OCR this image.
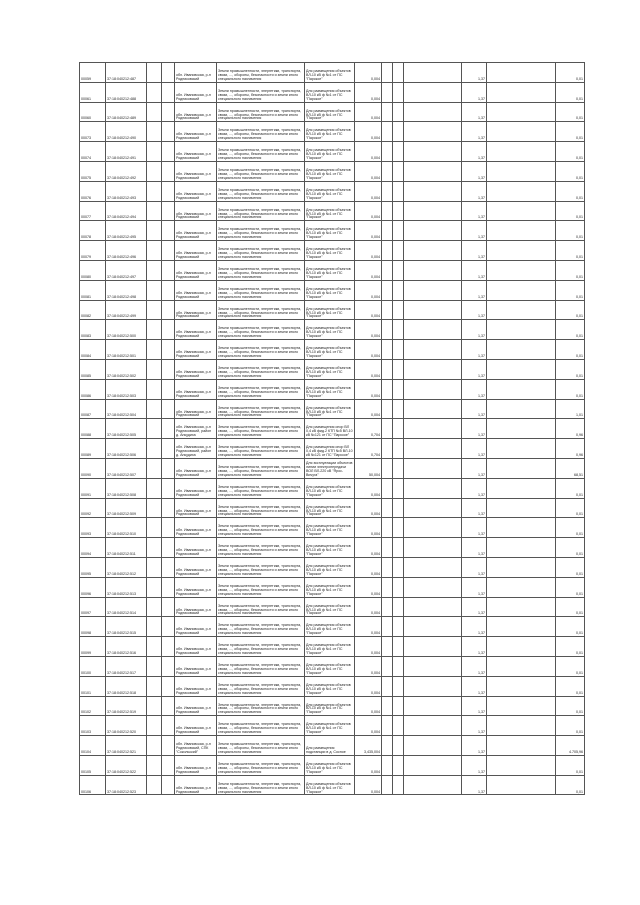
00059	37:18:040212:487			обл. Ивановская, р-н Родниковский	Земли промышленности, энергетики, транспорта, связи, ..., обороны, безопасности и земли иного специального назначения	Для размещения объектов ВЛ-10 кВ ф №1 от ПС "Парское"	0,004				1,37		0,01
00061	37:18:040212:488			обл. Ивановская, р-н Родниковский	Земли промышленности, энергетики, транспорта, связи, ..., обороны, безопасности и земли иного специального назначения	Для размещения объектов ВЛ-10 кВ ф №1 от ПС "Парское"	0,004				1,37		0,01
00060	37:18:040212:489			обл. Ивановская, р-н Родниковский	Земли промышленности, энергетики, транспорта, связи, ..., обороны, безопасности и земли иного специального назначения	Для размещения объектов ВЛ-10 кВ ф №1 от ПС "Парское"	0,004				1,37		0,01
00073	37:18:040212:490			обл. Ивановская, р-н Родниковский	Земли промышленности, энергетики, транспорта, связи, ..., обороны, безопасности и земли иного специального назначения	Для размещения объектов ВЛ-10 кВ ф №1 от ПС "Парское"	0,004				1,37		0,01
00074	37:18:040212:491			обл. Ивановская, р-н Родниковский	Земли промышленности, энергетики, транспорта, связи, ..., обороны, безопасности и земли иного специального назначения	Для размещения объектов ВЛ-10 кВ ф №1 от ПС "Парское"	0,004				1,37		0,01
00075	37:18:040212:492			обл. Ивановская, р-н Родниковский	Земли промышленности, энергетики, транспорта, связи, ..., обороны, безопасности и земли иного специального назначения	Для размещения объектов ВЛ-10 кВ ф №1 от ПС "Парское"	0,004				1,37		0,01
00076	37:18:040212:493			обл. Ивановская, р-н Родниковский	Земли промышленности, энергетики, транспорта, связи, ..., обороны, безопасности и земли иного специального назначения	Для размещения объектов ВЛ-10 кВ ф №1 от ПС "Парское"	0,004				1,37		0,01
00077	37:18:040212:494			обл. Ивановская, р-н Родниковский	Земли промышленности, энергетики, транспорта, связи, ..., обороны, безопасности и земли иного специального назначения	Для размещения объектов ВЛ-10 кВ ф №1 от ПС "Парское"	0,004				1,37		0,01
00078	37:18:040212:495			обл. Ивановская, р-н Родниковский	Земли промышленности, энергетики, транспорта, связи, ..., обороны, безопасности и земли иного специального назначения	Для размещения объектов ВЛ-10 кВ ф №1 от ПС "Парское"	0,004				1,37		0,01
00079	37:18:040212:496			обл. Ивановская, р-н Родниковский	Земли промышленности, энергетики, транспорта, связи, ..., обороны, безопасности и земли иного специального назначения	Для размещения объектов ВЛ-10 кВ ф №1 от ПС "Парское"	0,004				1,37		0,01
00080	37:18:040212:497			обл. Ивановская, р-н Родниковский	Земли промышленности, энергетики, транспорта, связи, ..., обороны, безопасности и земли иного специального назначения	Для размещения объектов ВЛ-10 кВ ф №1 от ПС "Парское"	0,004				1,37		0,01
00081	37:18:040212:498			обл. Ивановская, р-н Родниковский	Земли промышленности, энергетики, транспорта, связи, ..., обороны, безопасности и земли иного специального назначения	Для размещения объектов ВЛ-10 кВ ф №1 от ПС "Парское"	0,004				1,37		0,01
00082	37:18:040212:499			обл. Ивановская, р-н Родниковский	Земли промышленности, энергетики, транспорта, связи, ..., обороны, безопасности и земли иного специального назначения	Для размещения объектов ВЛ-10 кВ ф №1 от ПС "Парское"	0,004				1,37		0,01
00083	37:18:040212:500			обл. Ивановская, р-н Родниковский	Земли промышленности, энергетики, транспорта, связи, ..., обороны, безопасности и земли иного специального назначения	Для размещения объектов ВЛ-10 кВ ф №1 от ПС "Парское"	0,004				1,37		0,01
00084	37:18:040212:501			обл. Ивановская, р-н Родниковский	Земли промышленности, энергетики, транспорта, связи, ..., обороны, безопасности и земли иного специального назначения	Для размещения объектов ВЛ-10 кВ ф №1 от ПС "Парское"	0,004				1,37		0,01
00085	37:18:040212:502			обл. Ивановская, р-н Родниковский	Земли промышленности, энергетики, транспорта, связи, ..., обороны, безопасности и земли иного специального назначения	Для размещения объектов ВЛ-10 кВ ф №1 от ПС "Парское"	0,004				1,37		0,01
00086	37:18:040212:503			обл. Ивановская, р-н Родниковский	Земли промышленности, энергетики, транспорта, связи, ..., обороны, безопасности и земли иного специального назначения	Для размещения объектов ВЛ-10 кВ ф №1 от ПС "Парское"	0,004				1,37		0,01
00087	37:18:040212:504			обл. Ивановская, р-н Родниковский	Земли промышленности, энергетики, транспорта, связи, ..., обороны, безопасности и земли иного специального назначения	Для размещения объектов ВЛ-10 кВ ф №1 от ПС "Парское"	0,004				1,37		1,01
00088	37:18:040212:505			обл. Ивановская, р-н Родниковский, район д. Анкудиха	Земли промышленности, энергетики, транспорта, связи, ..., обороны, безопасности и земли иного специального назначения	Для размещения опор ВЛ 0,4 кВ фид.2 КТП №5 ВЛ-10 кВ №121 от ПС "Парское"	0,704				1,37		0,96
00089	37:18:040212:506			обл. Ивановская, р-н Родниковский, район д. Анкудиха	Земли промышленности, энергетики, транспорта, связи, ..., обороны, безопасности и земли иного специального назначения	Для размещения опор ВЛ 0,4 кВ фид.2 КТП №5 ВЛ-10 кВ №121 от ПС "Парское"	0,704				1,37		0,96
00090	37:18:040212:507			обл. Ивановская, р-н Родниковский	Земли промышленности, энергетики, транспорта, связи, ..., обороны, безопасности и земли иного специального назначения	Для эксплуатации объектов линии электропередачи ВОЛ ВЛ-220 кВ "Ярос-Вичуга"	50,004				1,37		68,51
00091	37:18:040212:508			обл. Ивановская, р-н Родниковский	Земли промышленности, энергетики, транспорта, связи, ..., обороны, безопасности и земли иного специального назначения	Для размещения объектов ВЛ-10 кВ ф №1 от ПС "Парское"	0,004				1,37		0,01
00092	37:18:040212:509			обл. Ивановская, р-н Родниковский	Земли промышленности, энергетики, транспорта, связи, ..., обороны, безопасности и земли иного специального назначения	Для размещения объектов ВЛ-10 кВ ф №1 от ПС "Парское"	0,004				1,37		0,01
00093	37:18:040212:510			обл. Ивановская, р-н Родниковский	Земли промышленности, энергетики, транспорта, связи, ..., обороны, безопасности и земли иного специального назначения	Для размещения объектов ВЛ-10 кВ ф №1 от ПС "Парское"	0,004				1,37		0,01
00094	37:18:040212:511			обл. Ивановская, р-н Родниковский	Земли промышленности, энергетики, транспорта, связи, ..., обороны, безопасности и земли иного специального назначения	Для размещения объектов ВЛ-10 кВ ф №1 от ПС "Парское"	0,004				1,37		0,01
00095	37:18:040212:512			обл. Ивановская, р-н Родниковский	Земли промышленности, энергетики, транспорта, связи, ..., обороны, безопасности и земли иного специального назначения	Для размещения объектов ВЛ-10 кВ ф №1 от ПС "Парское"	0,004				1,37		0,01
00096	37:18:040212:513			обл. Ивановская, р-н Родниковский	Земли промышленности, энергетики, транспорта, связи, ..., обороны, безопасности и земли иного специального назначения	Для размещения объектов ВЛ-10 кВ ф №1 от ПС "Парское"	0,004				1,37		0,01
00097	37:18:040212:514			обл. Ивановская, р-н Родниковский	Земли промышленности, энергетики, транспорта, связи, ..., обороны, безопасности и земли иного специального назначения	Для размещения объектов ВЛ-10 кВ ф №1 от ПС "Парское"	0,004				1,37		0,01
00098	37:18:040212:515			обл. Ивановская, р-н Родниковский	Земли промышленности, энергетики, транспорта, связи, ..., обороны, безопасности и земли иного специального назначения	Для размещения объектов ВЛ-10 кВ ф №1 от ПС "Парское"	0,004				1,37		0,01
00099	37:18:040212:516			обл. Ивановская, р-н Родниковский	Земли промышленности, энергетики, транспорта, связи, ..., обороны, безопасности и земли иного специального назначения	Для размещения объектов ВЛ-10 кВ ф №1 от ПС "Парское"	0,004				1,37		0,01
00100	37:18:040212:517			обл. Ивановская, р-н Родниковский	Земли промышленности, энергетики, транспорта, связи, ..., обороны, безопасности и земли иного специального назначения	Для размещения объектов ВЛ-10 кВ ф №1 от ПС "Парское"	0,004				1,37		0,01
00101	37:18:040212:518			обл. Ивановская, р-н Родниковский	Земли промышленности, энергетики, транспорта, связи, ..., обороны, безопасности и земли иного специального назначения	Для размещения объектов ВЛ-10 кВ ф №1 от ПС "Парское"	0,004				1,37		0,01
00102	37:18:040212:519			обл. Ивановская, р-н Родниковский	Земли промышленности, энергетики, транспорта, связи, ..., обороны, безопасности и земли иного специального назначения	Для размещения объектов ВЛ-10 кВ ф №1 от ПС "Парское"	0,004				1,37		0,01
00103	37:18:040212:520			обл. Ивановская, р-н Родниковский	Земли промышленности, энергетики, транспорта, связи, ..., обороны, безопасности и земли иного специального назначения	Для размещения объектов ВЛ-10 кВ ф №1 от ПС "Парское"	0,004				1,37		0,01
00104	37:18:040212:521			обл. Ивановская, р-н Родниковский, СПК "Сокольский"	Земли промышленности, энергетики, транспорта, связи, ..., обороны, безопасности и земли иного специального назначения	Для размещения подстанции в д. Сосное	3,435,004				1,37		4.705,96
00105	37:18:040212:522			обл. Ивановская, р-н Родниковский	Земли промышленности, энергетики, транспорта, связи, ..., обороны, безопасности и земли иного специального назначения	Для размещения объектов ВЛ-10 кВ ф №1 от ПС "Парское"	0,004				1,37		0,01
00106	37:18:040212:523			обл. Ивановская, р-н Родниковский	Земли промышленности, энергетики, транспорта, связи, ..., обороны, безопасности и земли иного специального назначения	Для размещения объектов ВЛ-10 кВ ф №1 от ПС "Парское"	0,004				1,37		0,01
